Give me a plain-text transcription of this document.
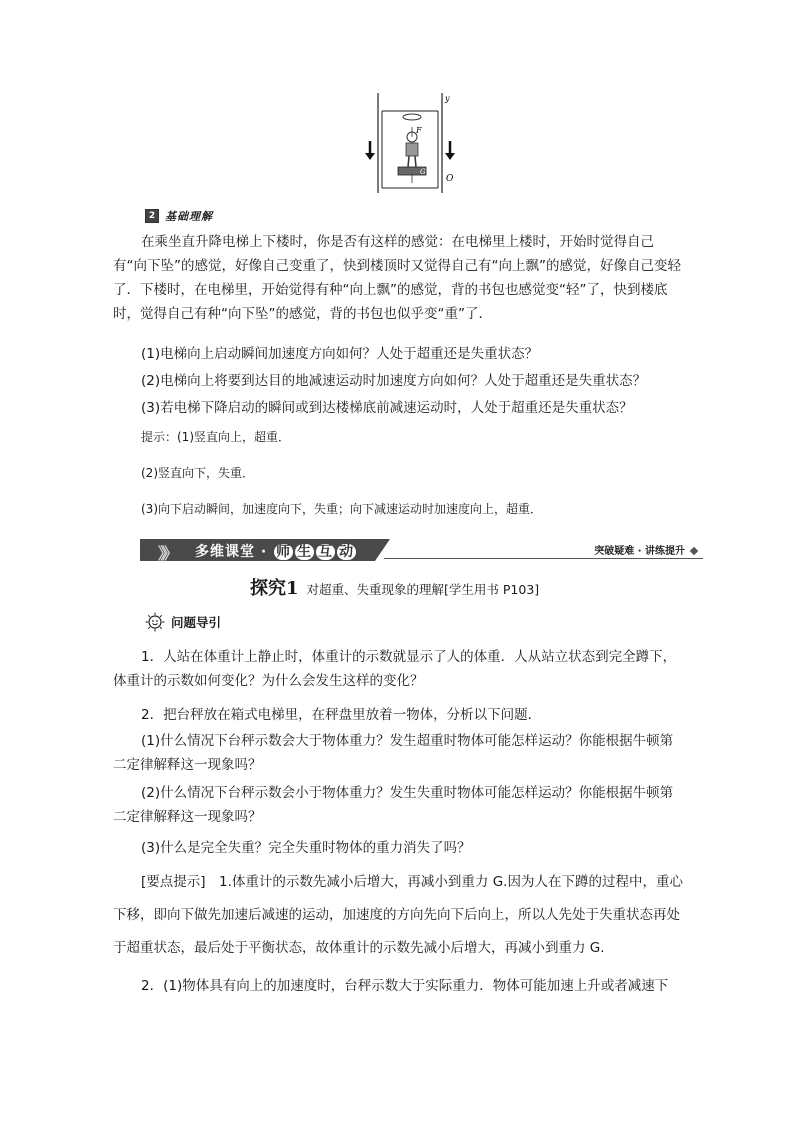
y
O
F
G
2 基础理解
在乘坐直升降电梯上下楼时，你是否有这样的感觉：在电梯里上楼时，开始时觉得自己有“向下坠”的感觉，好像自己变重了，快到楼顶时又觉得自己有“向上飘”的感觉，好像自己变轻了．下楼时，在电梯里，开始觉得有种“向上飘”的感觉，背的书包也感觉变“轻”了，快到楼底时，觉得自己有种“向下坠”的感觉，背的书包也似乎变“重”了．
(1)电梯向上启动瞬间加速度方向如何？人处于超重还是失重状态？
(2)电梯向上将要到达目的地减速运动时加速度方向如何？人处于超重还是失重状态？
(3)若电梯下降启动的瞬间或到达楼梯底前减速运动时，人处于超重还是失重状态？
提示：(1)竖直向上，超重．
(2)竖直向下，失重．
(3)向下启动瞬间，加速度向下，失重；向下减速运动时加速度向上，超重．
》》 多维课堂 · 师 生 互 动	突破疑难 · 讲练提升
探究1 对超重、失重现象的理解[学生用书 P103]
问题导引
1．人站在体重计上静止时，体重计的示数就显示了人的体重．人从站立状态到完全蹲下，体重计的示数如何变化？为什么会发生这样的变化？
2．把台秤放在箱式电梯里，在秤盘里放着一物体，分析以下问题．
(1)什么情况下台秤示数会大于物体重力？发生超重时物体可能怎样运动？你能根据牛顿第二定律解释这一现象吗？
(2)什么情况下台秤示数会小于物体重力？发生失重时物体可能怎样运动？你能根据牛顿第二定律解释这一现象吗？
(3)什么是完全失重？完全失重时物体的重力消失了吗？
[要点提示]　1.体重计的示数先减小后增大，再减小到重力 G.因为人在下蹲的过程中，重心下移，即向下做先加速后减速的运动，加速度的方向先向下后向上，所以人先处于失重状态再处于超重状态，最后处于平衡状态，故体重计的示数先减小后增大，再减小到重力 G.
2．(1)物体具有向上的加速度时，台秤示数大于实际重力．物体可能加速上升或者减速下
